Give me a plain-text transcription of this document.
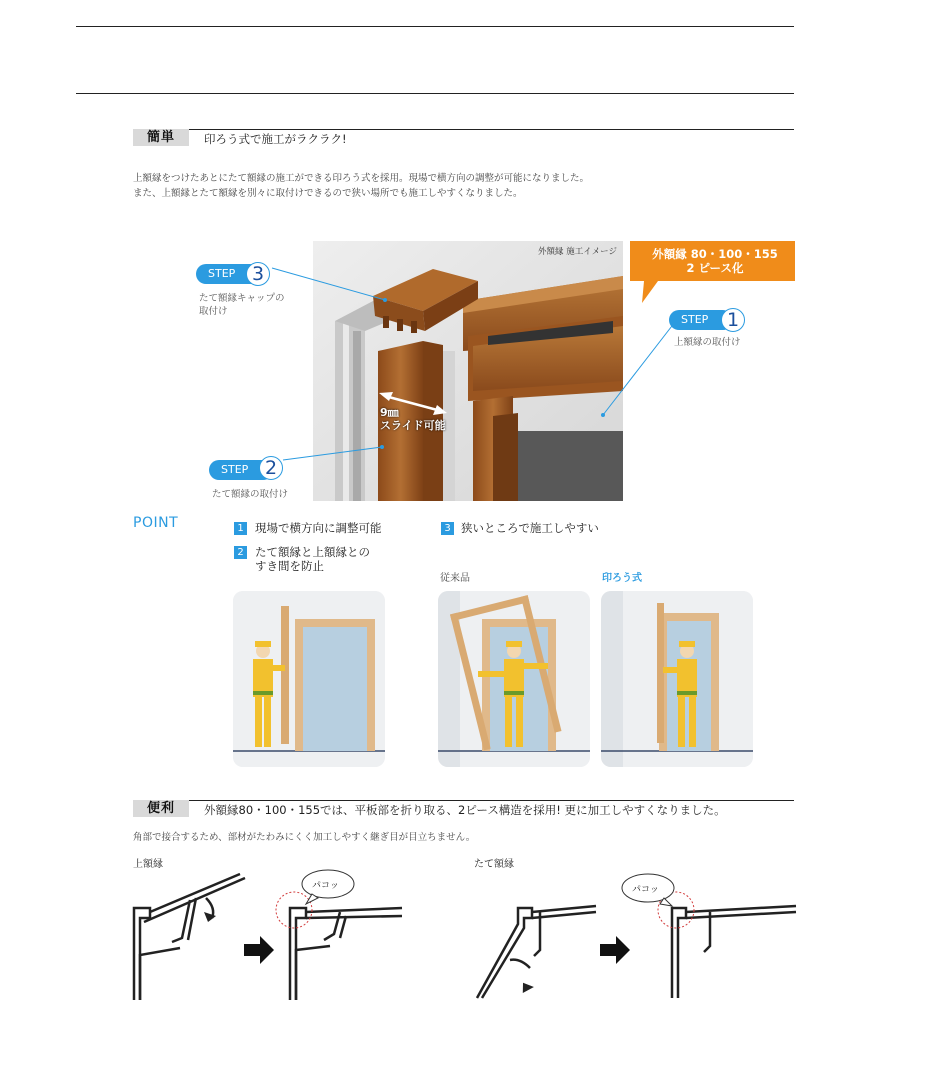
簡単	印ろう式で施工がラクラク!
上額縁をつけたあとにたて額縁の施工ができる印ろう式を採用。現場で横方向の調整が可能になりました。
また、上額縁とたて額縁を別々に取付けできるので狭い場所でも施工しやすくなりました。
外額縁 施工イメージ
9㎜
スライド可能
外額縁 80・100・155
2 ピース化
STEP 3
たて額縁キャップの
取付け
STEP 1
上額縁の取付け
STEP 2
たて額縁の取付け
POINT	1 現場で横方向に調整可能
2 たて額縁と上額縁との
すき間を防止
3 狭いところで施工しやすい
従来品	印ろう式
便利	外額縁80・100・155では、平板部を折り取る、2ピース構造を採用! 更に加工しやすくなりました。
角部で接合するため、部材がたわみにくく加工しやすく継ぎ目が目立ちません。
上額縁	たて額縁
パコッ	パコッ
